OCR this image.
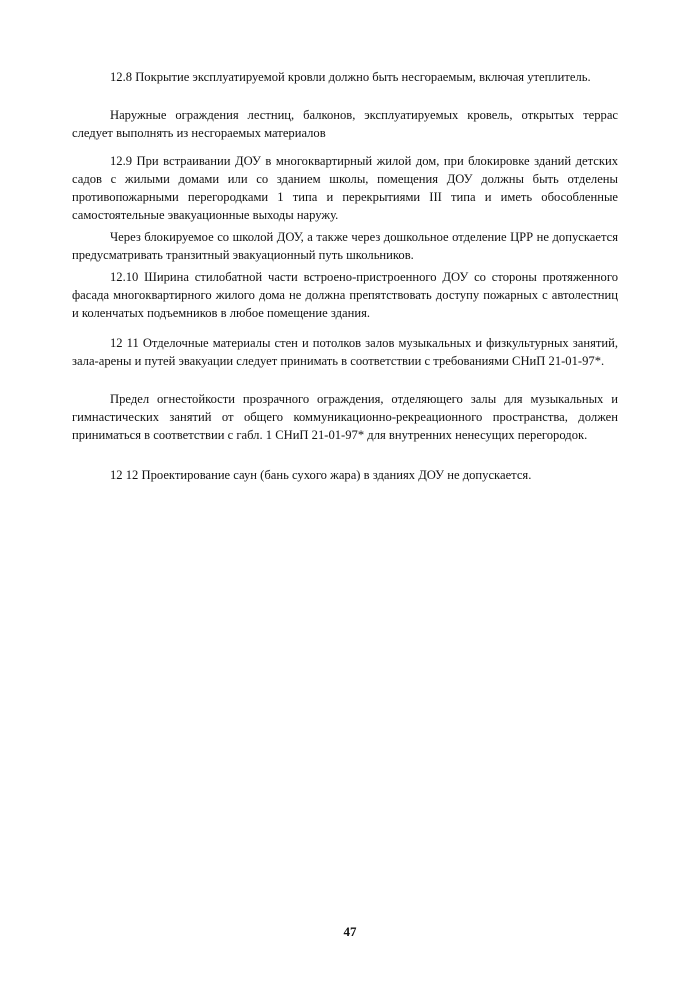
12.8 Покрытие эксплуатируемой кровли должно быть несгораемым, включая утеплитель.

Наружные ограждения лестниц, балконов, эксплуатируемых кровель, открытых террас следует выполнять из несгораемых материалов

12.9 При встраивании ДОУ в многоквартирный жилой дом, при блокировке зданий детских садов с жилыми домами или со зданием школы, помещения ДОУ должны быть отделены противопожарными перегородками 1 типа и перекрытиями III типа и иметь обособленные самостоятельные эвакуационные выходы наружу.

Через блокируемое со школой ДОУ, а также через дошкольное отделение ЦРР не допускается предусматривать транзитный эвакуационный путь школьников.

12.10 Ширина стилобатной части встроено-пристроенного ДОУ со стороны протяженного фасада многоквартирного жилого дома не должна препятствовать доступу пожарных с автолестниц и коленчатых подъемников в любое помещение здания.

12 11 Отделочные материалы стен и потолков залов музыкальных и физкультурных занятий, зала-арены и путей эвакуации следует принимать в соответствии с требованиями СНиП 21-01-97*.

Предел огнестойкости прозрачного ограждения, отделяющего залы для музыкальных и гимнастических занятий от общего коммуникационно-рекреационного пространства, должен приниматься в соответствии с габл. 1 СНиП 21-01-97* для внутренних ненесущих перегородок.

12 12 Проектирование саун (бань сухого жара) в зданиях ДОУ не допускается.

47
